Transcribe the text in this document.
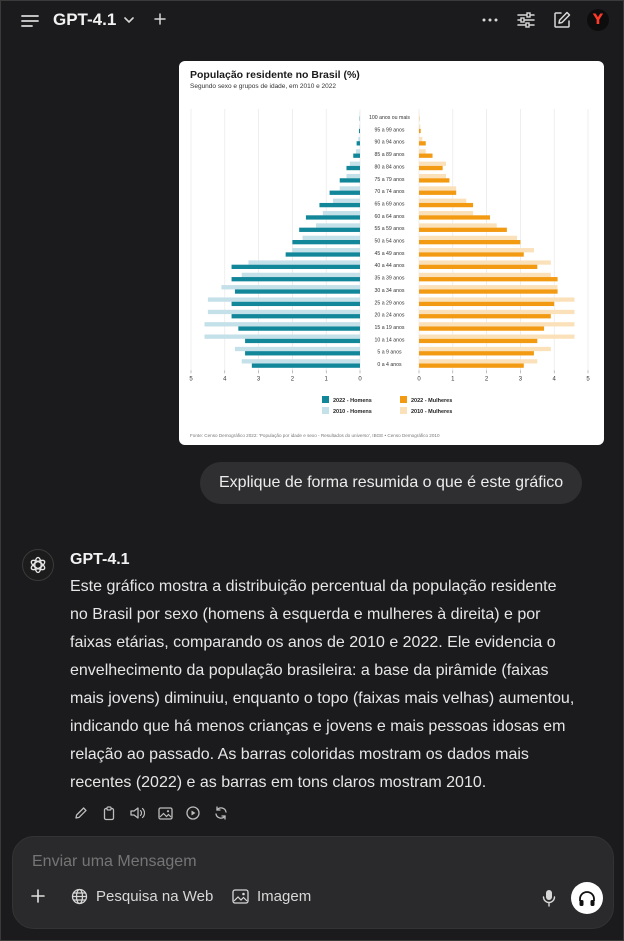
GPT-4.1	Y
População residente no Brasil (%)
Segundo sexo e grupos de idade, em 2010 e 2022
100 anos ou mais
95 a 99 anos
90 a 94 anos
85 a 89 anos
80 a 84 anos
75 a 79 anos
70 a 74 anos
65 a 69 anos
60 a 64 anos
55 a 59 anos
50 a 54 anos
45 a 49 anos
40 a 44 anos
35 a 39 anos
30 a 34 anos
25 a 29 anos
20 a 24 anos
15 a 19 anos
10 a 14 anos
5 a 9 anos
0 a 4 anos
5	4	3	2	1	0	0	1	2	3	4	5
2022 - Homens
2010 - Homens
2022 - Mulheres
2010 - Mulheres
Fonte: Censo Demográfico 2022: 'População por idade e sexo - Resultados do universo', IBGE • Censo Demográfico 2010
Explique de forma resumida o que é este gráfico
GPT-4.1
Este gráfico mostra a distribuição percentual da população residente
no Brasil por sexo (homens à esquerda e mulheres à direita) e por
faixas etárias, comparando os anos de 2010 e 2022. Ele evidencia o
envelhecimento da população brasileira: a base da pirâmide (faixas
mais jovens) diminuiu, enquanto o topo (faixas mais velhas) aumentou,
indicando que há menos crianças e jovens e mais pessoas idosas em
relação ao passado. As barras coloridas mostram os dados mais
recentes (2022) e as barras em tons claros mostram 2010.
Enviar uma Mensagem
Pesquisa na Web	Imagem
